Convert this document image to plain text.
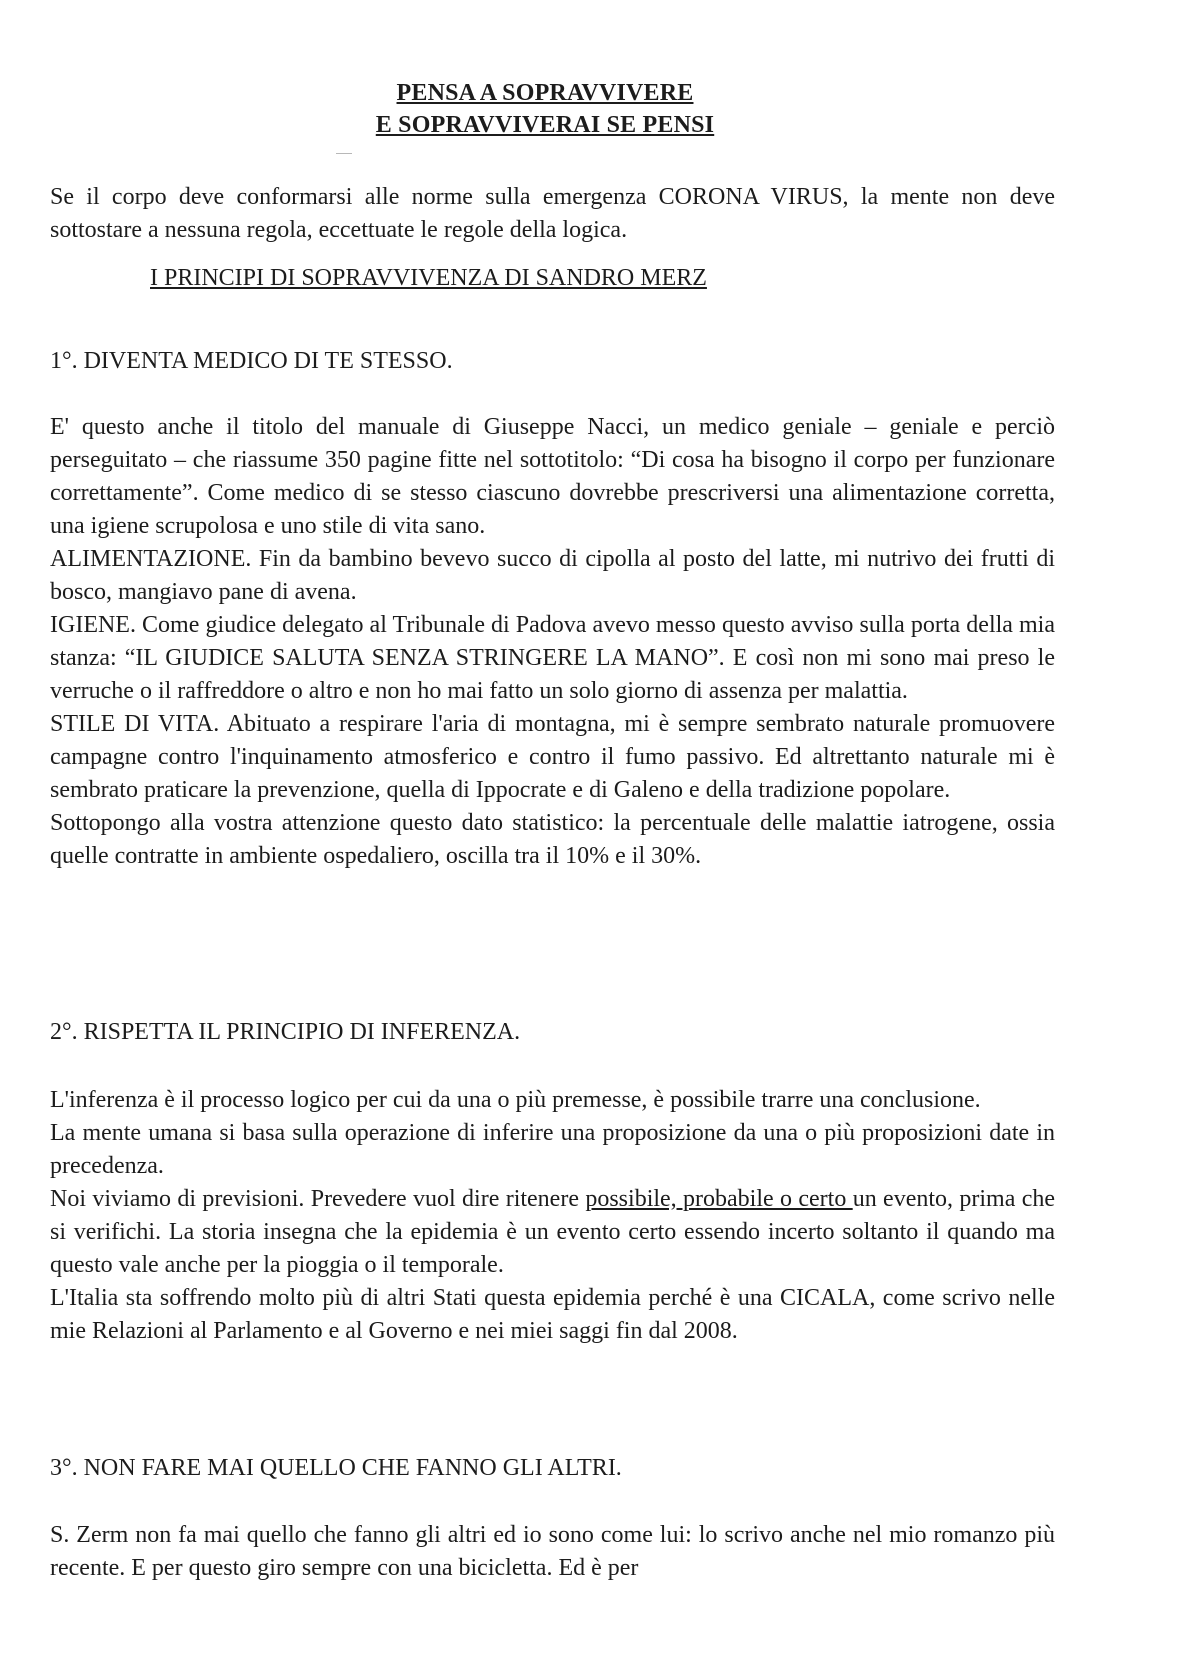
PENSA A SOPRAVVIVERE
E SOPRAVVIVERAI SE PENSI

Se il corpo deve conformarsi alle norme sulla emergenza CORONA VIRUS, la mente non deve sottostare a nessuna regola, eccettuate le regole della logica.

I PRINCIPI DI SOPRAVVIVENZA DI SANDRO MERZ
1°. DIVENTA MEDICO DI TE STESSO.

E' questo anche il titolo del manuale di Giuseppe Nacci, un medico geniale – geniale e perciò perseguitato – che riassume 350 pagine fitte nel sottotitolo: “Di cosa ha bisogno il corpo per funzionare correttamente”. Come medico di se stesso ciascuno dovrebbe prescriversi una alimentazione corretta, una igiene scrupolosa e uno stile di vita sano.

ALIMENTAZIONE. Fin da bambino bevevo succo di cipolla al posto del latte, mi nutrivo dei frutti di bosco, mangiavo pane di avena.

IGIENE. Come giudice delegato al Tribunale di Padova avevo messo questo avviso sulla porta della mia stanza: “IL GIUDICE SALUTA SENZA STRINGERE LA MANO”. E così non mi sono mai preso le verruche o il raffreddore o altro e non ho mai fatto un solo giorno di assenza per malattia.

STILE DI VITA. Abituato a respirare l'aria di montagna, mi è sempre sembrato naturale promuovere campagne contro l'inquinamento atmosferico e contro il fumo passivo. Ed altrettanto naturale mi è sembrato praticare la prevenzione, quella di Ippocrate e di Galeno e della tradizione popolare.

Sottopongo alla vostra attenzione questo dato statistico: la percentuale delle malattie iatrogene, ossia quelle contratte in ambiente ospedaliero, oscilla tra il 10% e il 30%.

2°. RISPETTA IL PRINCIPIO DI INFERENZA.

L'inferenza è il processo logico per cui da una o più premesse, è possibile trarre una conclusione.

La mente umana si basa sulla operazione di inferire una proposizione da una o più proposizioni date in precedenza.

Noi viviamo di previsioni. Prevedere vuol dire ritenere possibile, probabile o certo un evento, prima che si verifichi. La storia insegna che la epidemia è un evento certo essendo incerto soltanto il quando ma questo vale anche per la pioggia o il temporale.

L'Italia sta soffrendo molto più di altri Stati questa epidemia perché è una CICALA, come scrivo nelle mie Relazioni al Parlamento e al Governo e nei miei saggi fin dal 2008.

3°. NON FARE MAI QUELLO CHE FANNO GLI ALTRI.

S. Zerm non fa mai quello che fanno gli altri ed io sono come lui: lo scrivo anche nel mio romanzo più recente. E per questo giro sempre con una bicicletta. Ed è per
